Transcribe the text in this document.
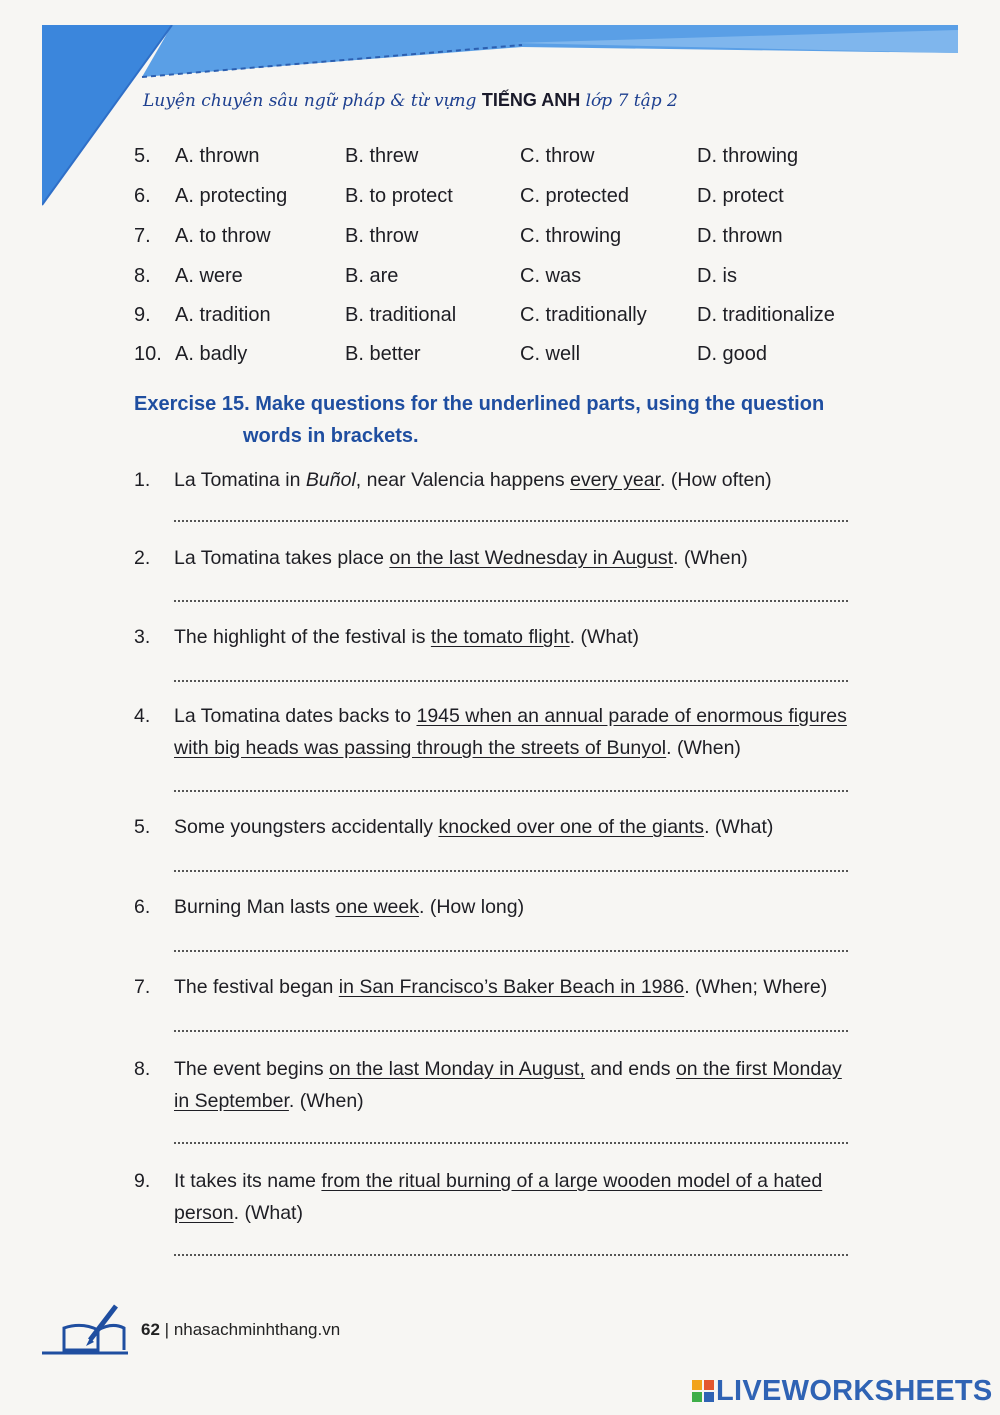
Luyện chuyên sâu ngữ pháp & từ vựng TIẾNG ANH lớp 7 tập 2
5. A. thrown	B. threw	C. throw	D. throwing
6. A. protecting	B. to protect	C. protected	D. protect
7. A. to throw	B. throw	C. throwing	D. thrown
8. A. were	B. are	C. was	D. is
9. A. tradition	B. traditional	C. traditionally	D. traditionalize
10. A. badly	B. better	C. well	D. good
Exercise 15. Make questions for the underlined parts, using the question
words in brackets.
1. La Tomatina in Buñol, near Valencia happens every year. (How often)
2. La Tomatina takes place on the last Wednesday in August. (When)
3. The highlight of the festival is the tomato flight. (What)
4. La Tomatina dates backs to 1945 when an annual parade of enormous figures
with big heads was passing through the streets of Bunyol. (When)
5. Some youngsters accidentally knocked over one of the giants. (What)
6. Burning Man lasts one week. (How long)
7. The festival began in San Francisco’s Baker Beach in 1986. (When; Where)
8. The event begins on the last Monday in August, and ends on the first Monday
in September. (When)
9. It takes its name from the ritual burning of a large wooden model of a hated
person. (What)
62 | nhasachminhthang.vn
LIVEWORKSHEETS
